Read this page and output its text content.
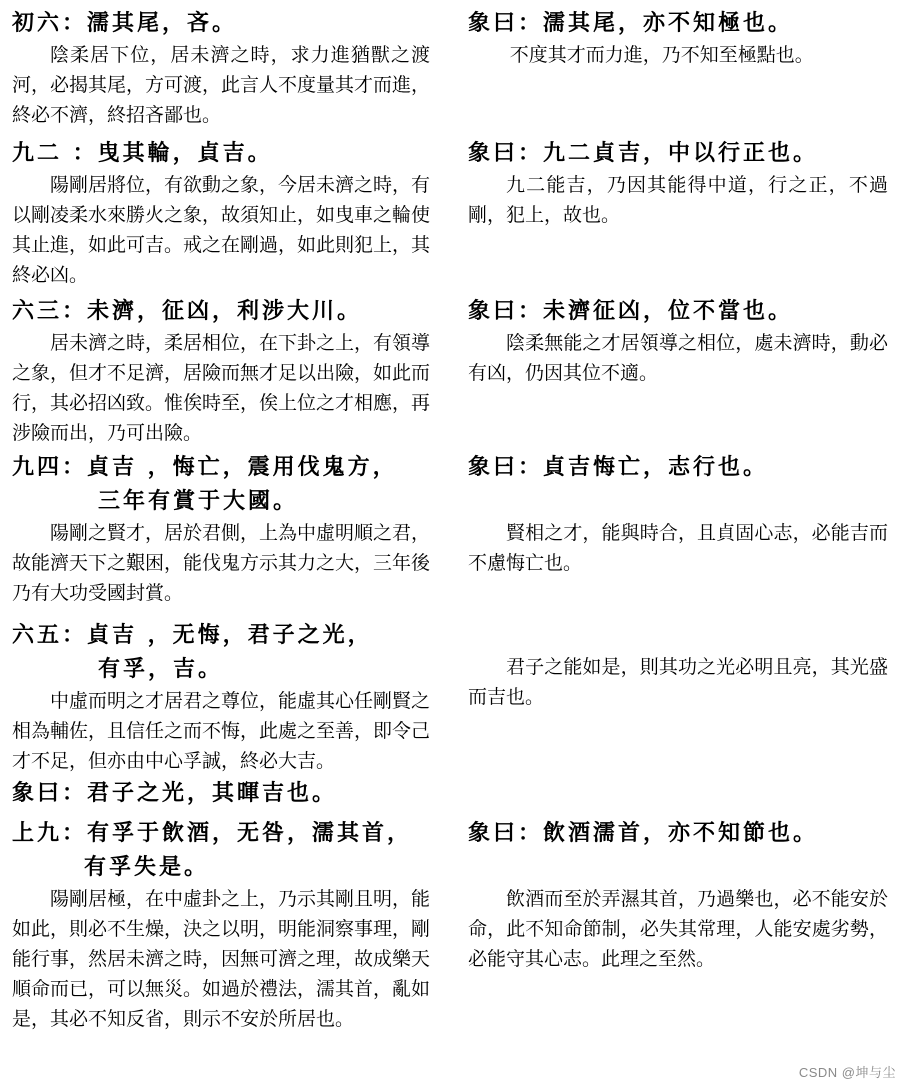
初六：濡其尾，吝。

陰柔居下位，居未濟之時，求力進猶獸之渡河，必揭其尾，方可渡，此言人不度量其才而進，終必不濟，終招吝鄙也。

九二 ：曳其輪，貞吉。

陽剛居將位，有欲動之象，今居未濟之時，有以剛凌柔水來勝火之象，故須知止，如曳車之輪使其止進，如此可吉。戒之在剛過，如此則犯上，其終必凶。

六三：未濟，征凶，利涉大川。

居未濟之時，柔居相位，在下卦之上，有領導之象，但才不足濟，居險而無才足以出險，如此而行，其必招凶致。惟俟時至，俟上位之才相應，再涉險而出，乃可出險。

九四：貞吉 ，悔亡，震用伐鬼方，
三年有賞于大國。

陽剛之賢才，居於君側，上為中虛明順之君，故能濟天下之艱困，能伐鬼方示其力之大，三年後乃有大功受國封賞。

六五：貞吉 ，无悔，君子之光，
有孚，吉。

中虛而明之才居君之尊位，能虛其心任剛賢之相為輔佐，且信任之而不悔，此處之至善，即令己才不足，但亦由中心孚誠，終必大吉。

象曰：君子之光，其暉吉也。
上九：有孚于飲酒，无咎，濡其首，
有孚失是。

陽剛居極，在中虛卦之上，乃示其剛且明，能如此，則必不生燥，決之以明，明能洞察事理，剛能行事，然居未濟之時，因無可濟之理，故成樂天順命而已，可以無災。如過於禮法，濡其首，亂如是，其必不知反省，則示不安於所居也。

象曰：濡其尾，亦不知極也。

不度其才而力進，乃不知至極點也。

象曰：九二貞吉，中以行正也。

九二能吉，乃因其能得中道，行之正，不過剛，犯上，故也。

象曰：未濟征凶，位不當也。

陰柔無能之才居領導之相位，處未濟時，動必有凶，仍因其位不適。

象曰：貞吉悔亡，志行也。

賢相之才，能與時合，且貞固心志，必能吉而不慮悔亡也。

君子之能如是，則其功之光必明且亮，其光盛而吉也。

象曰：飲酒濡首，亦不知節也。

飲酒而至於弄濕其首，乃過樂也，必不能安於命，此不知命節制，必失其常理，人能安處劣勢，必能守其心志。此理之至然。

CSDN @坤与尘
